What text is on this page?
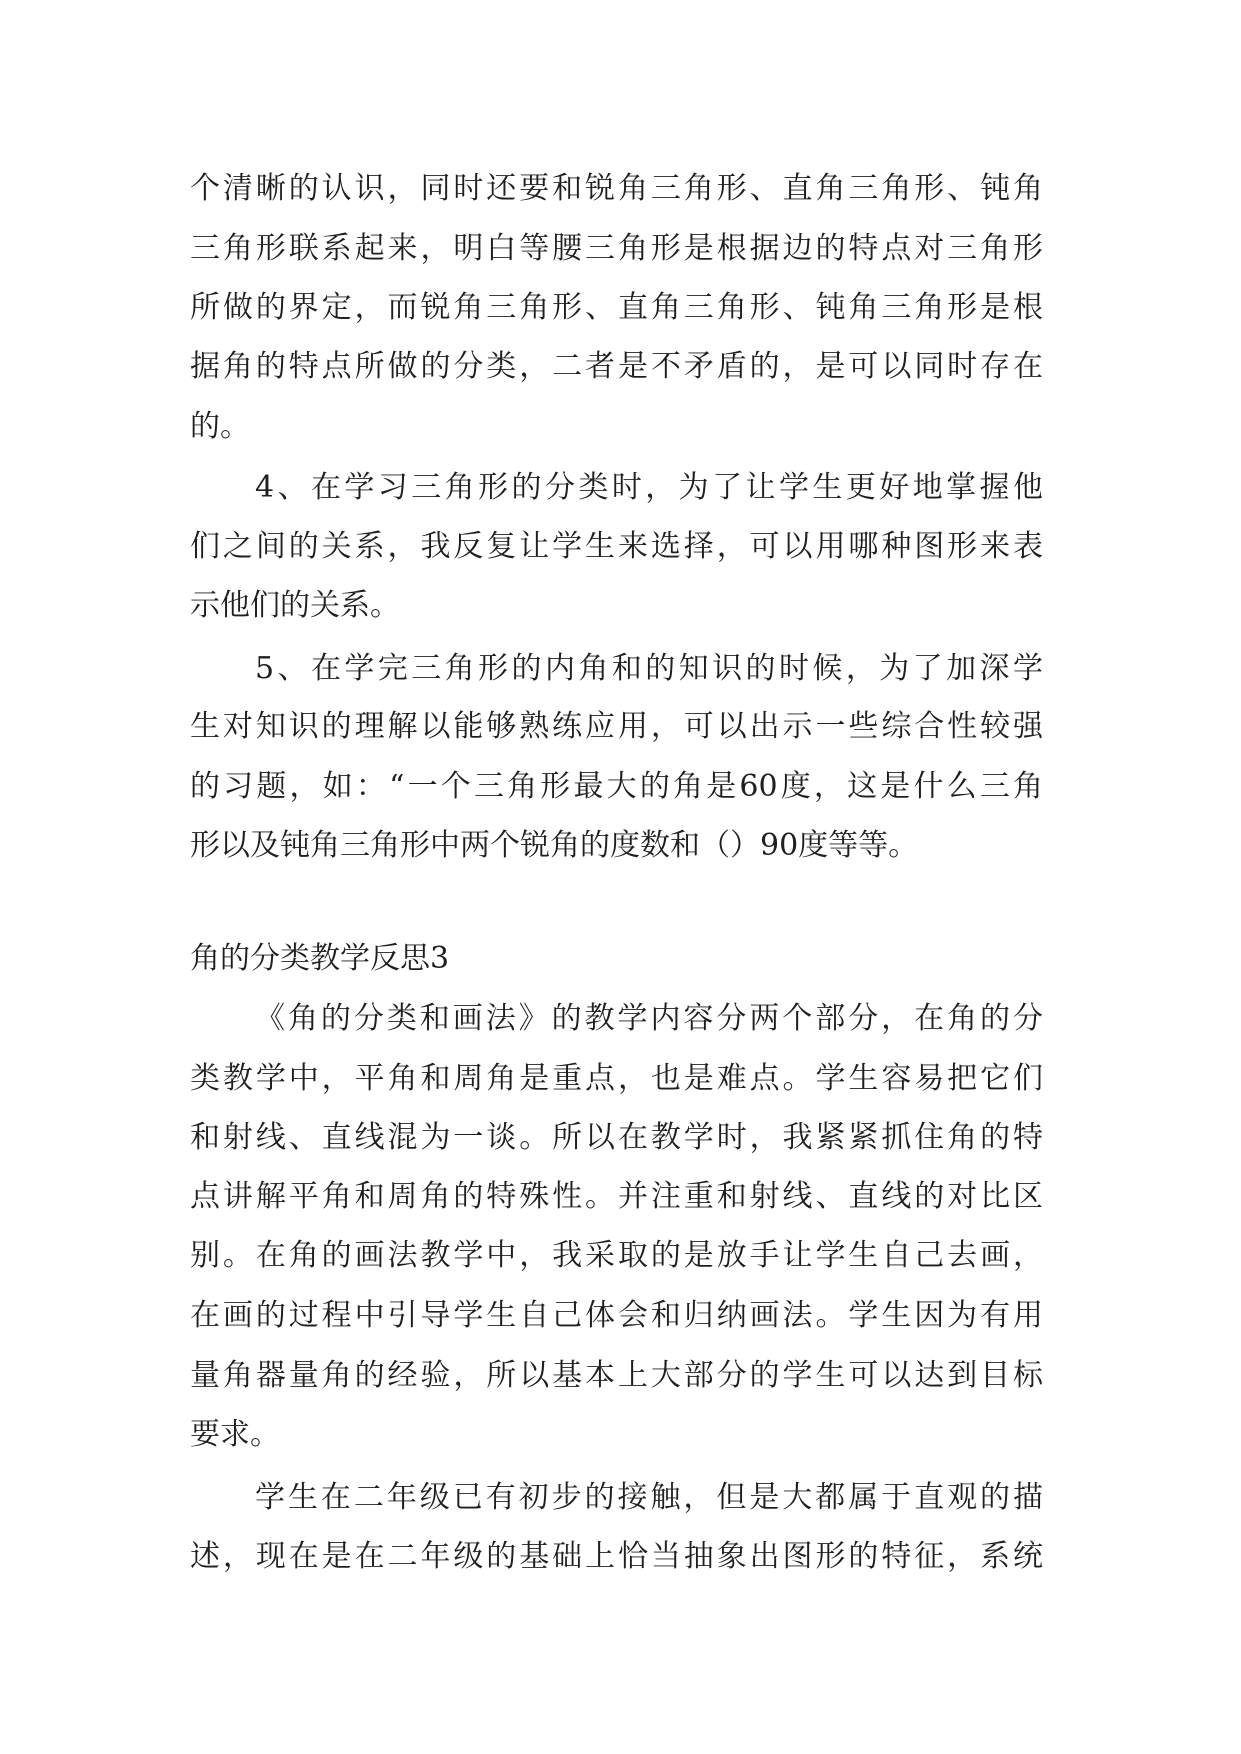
个清晰的认识，同时还要和锐角三角形、直角三角形、钝角
三角形联系起来，明白等腰三角形是根据边的特点对三角形
所做的界定，而锐角三角形、直角三角形、钝角三角形是根
据角的特点所做的分类，二者是不矛盾的，是可以同时存在
的。
4、在学习三角形的分类时，为了让学生更好地掌握他
们之间的关系，我反复让学生来选择，可以用哪种图形来表
示他们的关系。
5、在学完三角形的内角和的知识的时候，为了加深学
生对知识的理解以能够熟练应用，可以出示一些综合性较强
的习题，如：“一个三角形最大的角是60度，这是什么三角
形以及钝角三角形中两个锐角的度数和（）90度等等。
角的分类教学反思3
《角的分类和画法》的教学内容分两个部分，在角的分
类教学中，平角和周角是重点，也是难点。学生容易把它们
和射线、直线混为一谈。所以在教学时，我紧紧抓住角的特
点讲解平角和周角的特殊性。并注重和射线、直线的对比区
别。在角的画法教学中，我采取的是放手让学生自己去画，
在画的过程中引导学生自己体会和归纳画法。学生因为有用
量角器量角的经验，所以基本上大部分的学生可以达到目标
要求。
学生在二年级已有初步的接触，但是大都属于直观的描
述，现在是在二年级的基础上恰当抽象出图形的特征，系统
